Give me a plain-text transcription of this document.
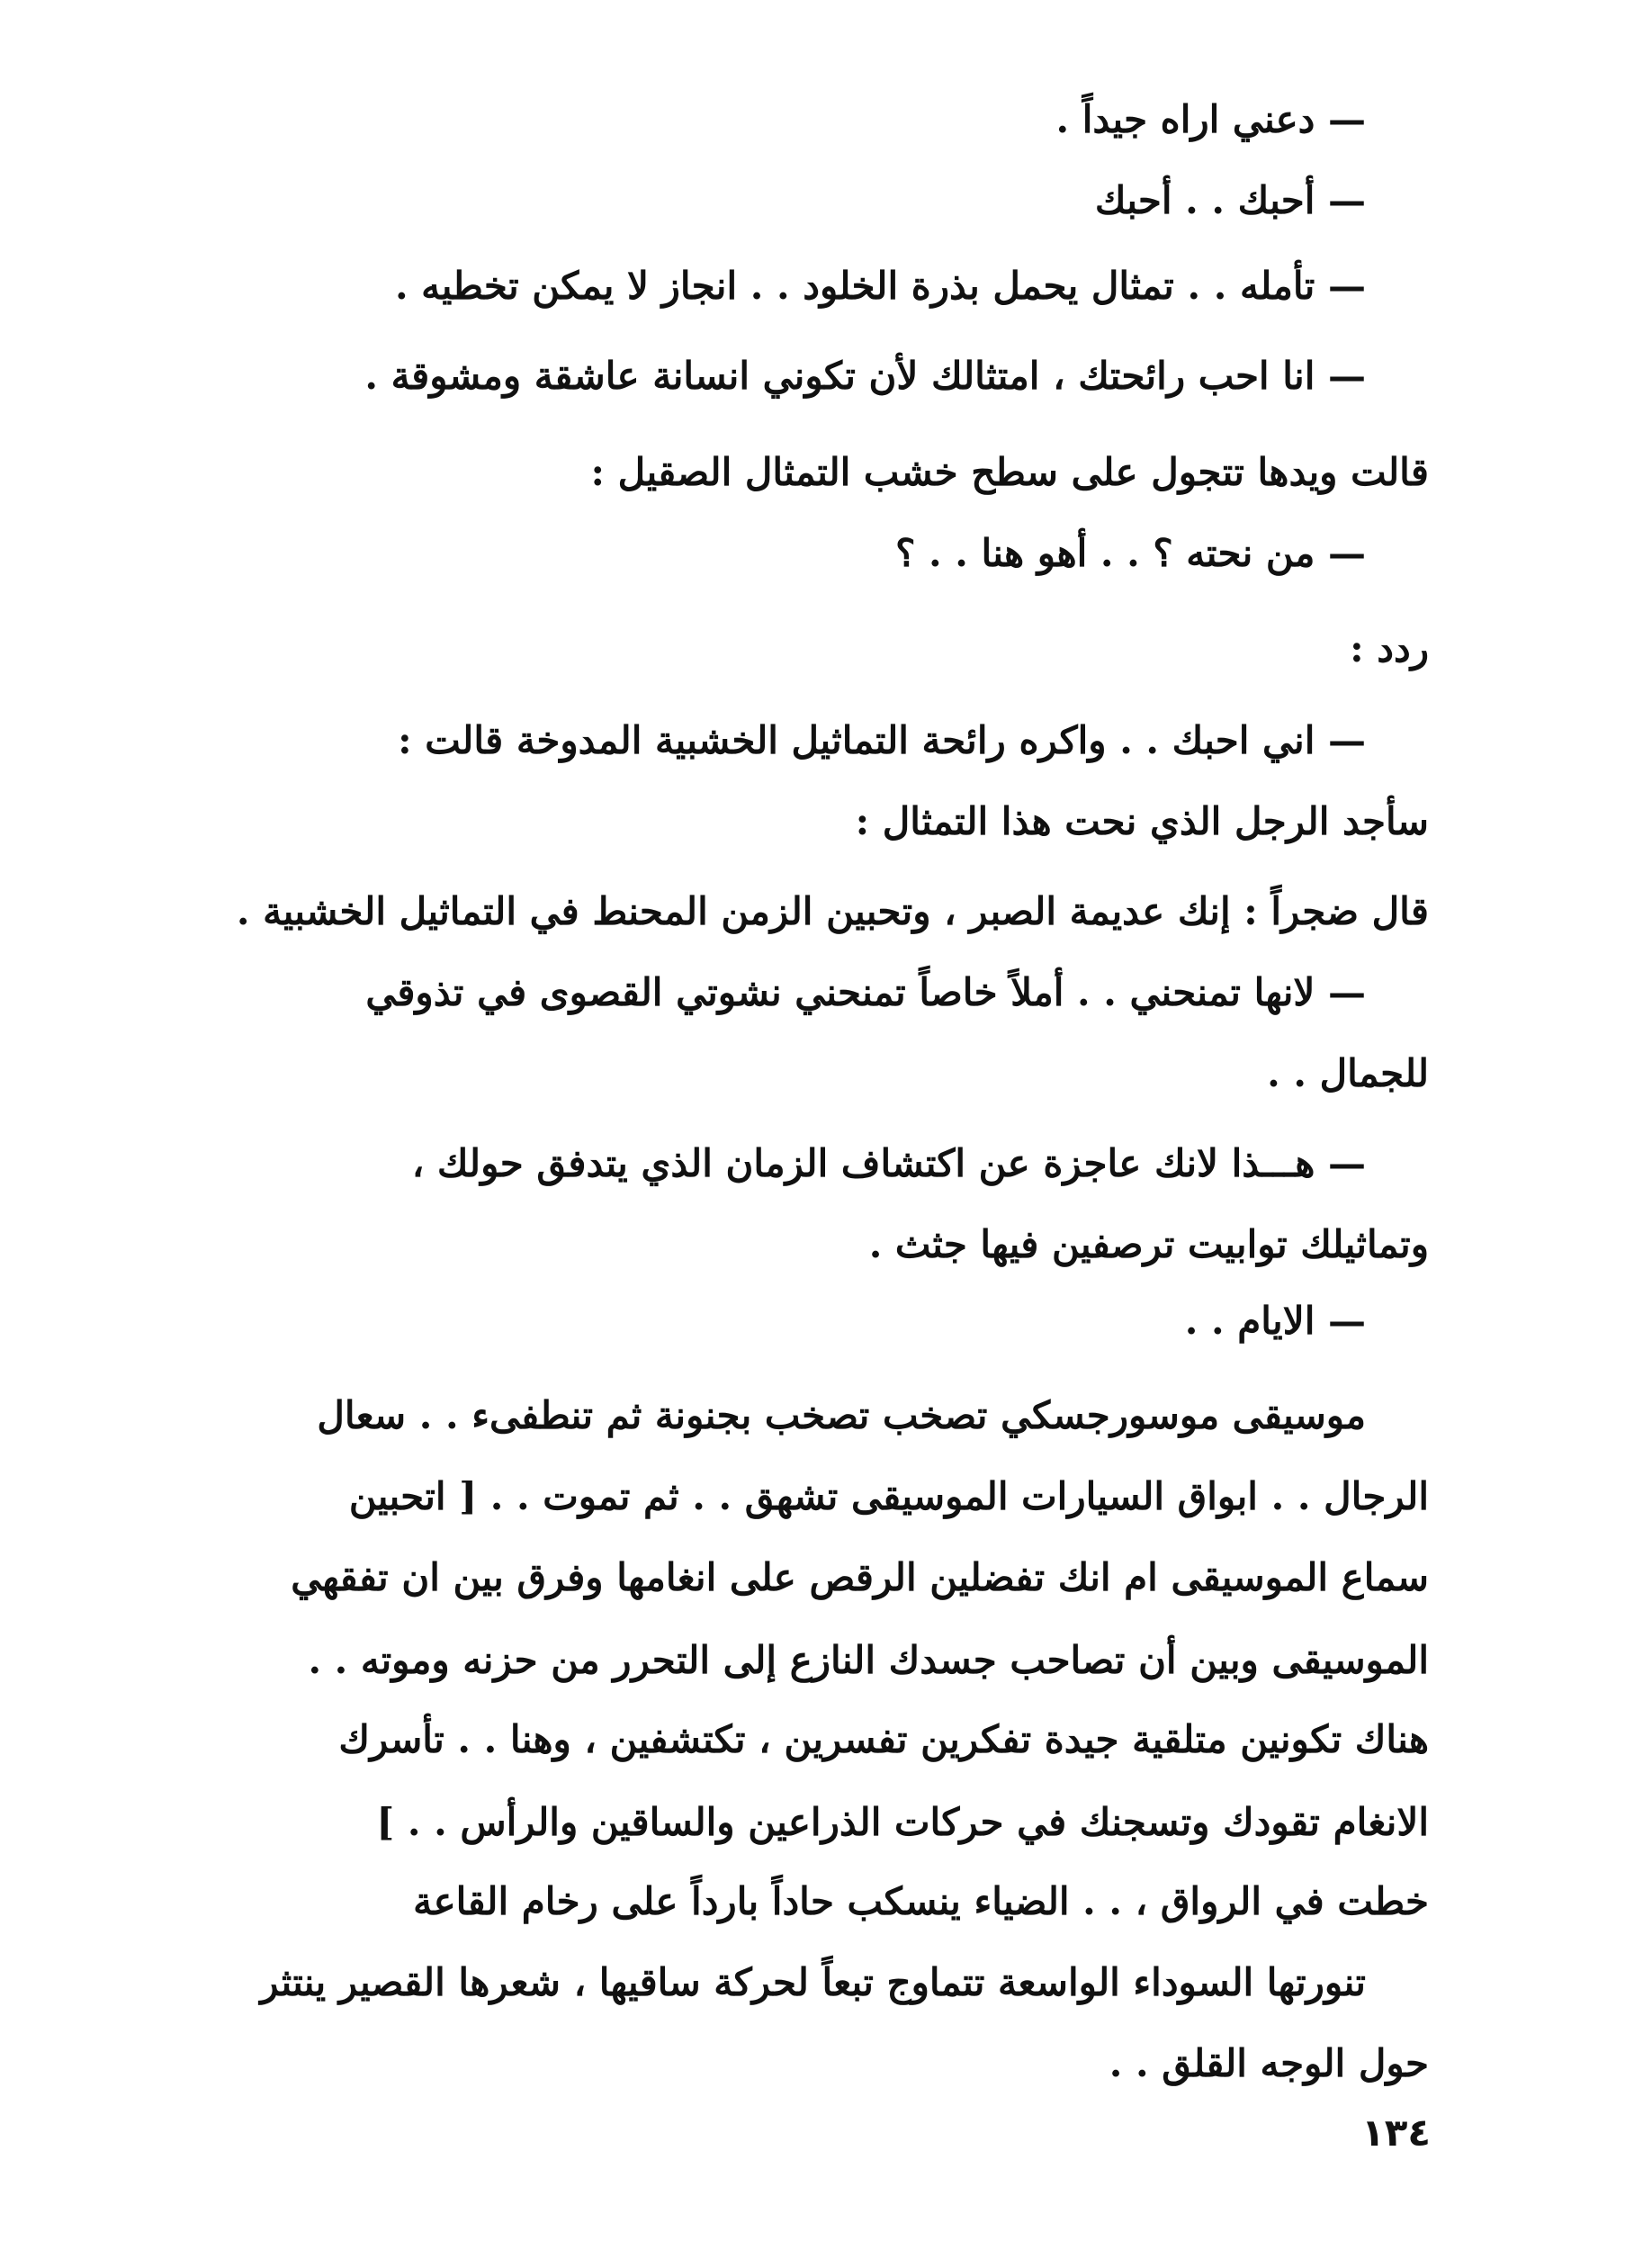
— دعني اراه جيداً .
— أحبك . . أحبك
— تأمله . . تمثال يحمل بذرة الخلود . . انجاز لا يمكن تخطيه .
— انا احب رائحتك ، امتثالك لأن تكوني انسانة عاشقة ومشوقة .
قالت ويدها تتجول على سطح خشب التمثال الصقيل :
— من نحته ؟ . . أهو هنا . . ؟
ردد :
— اني احبك . . واكره رائحة التماثيل الخشبية المدوخة قالت :
سأجد الرجل الذي نحت هذا التمثال :
قال ضجراً : إنك عديمة الصبر ، وتحبين الزمن المحنط في التماثيل الخشبية .
— لانها تمنحني . . أملاً خاصاً تمنحني نشوتي القصوى في تذوقي
للجمال . .
— هـــذا لانك عاجزة عن اكتشاف الزمان الذي يتدفق حولك ،
وتماثيلك توابيت ترصفين فيها جثث .
— الايام . .
موسيقى موسورجسكي تصخب تصخب بجنونة ثم تنطفىء . . سعال
الرجال . . ابواق السيارات الموسيقى تشهق . . ثم تموت . . [ اتحبين
سماع الموسيقى ام انك تفضلين الرقص على انغامها وفرق بين ان تفقهي
الموسيقى وبين أن تصاحب جسدك النازع إلى التحرر من حزنه وموته . .
هناك تكونين متلقية جيدة تفكرين تفسرين ، تكتشفين ، وهنا . . تأسرك
الانغام تقودك وتسجنك في حركات الذراعين والساقين والرأس . . ]
خطت في الرواق ، . . الضياء ينسكب حاداً بارداً على رخام القاعة
تنورتها السوداء الواسعة تتماوج تبعاً لحركة ساقيها ، شعرها القصير ينتثر
حول الوجه القلق . .
١٣٤
